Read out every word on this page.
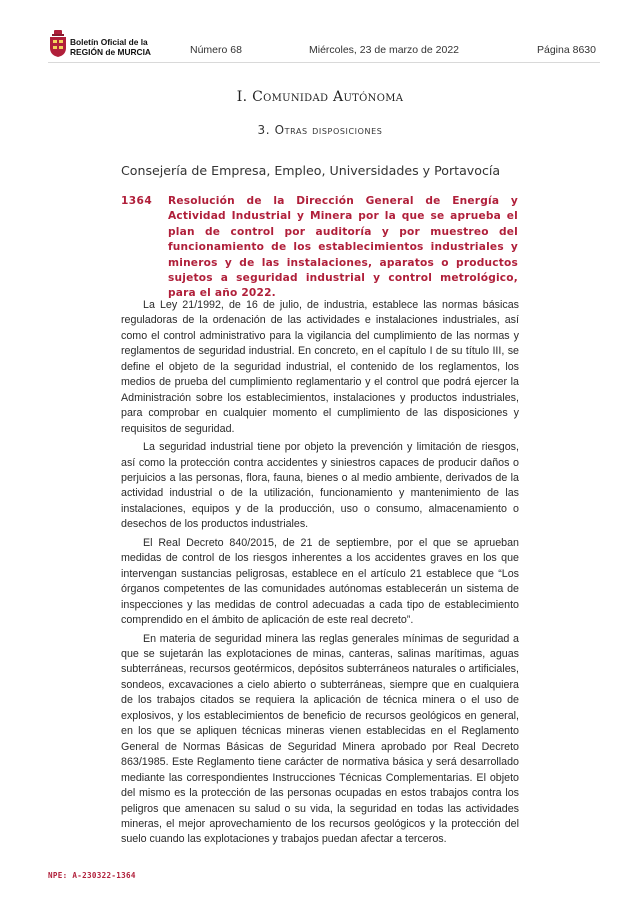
Boletín Oficial de la
REGIÓN de MURCIA	Número 68	Miércoles, 23 de marzo de 2022	Página 8630
I. Comunidad Autónoma
3. Otras disposiciones
Consejería de Empresa, Empleo, Universidades y Portavocía
1364 Resolución de la Dirección General de Energía y Actividad Industrial y Minera por la que se aprueba el plan de control por auditoría y por muestreo del funcionamiento de los establecimientos industriales y mineros y de las instalaciones, aparatos o productos sujetos a seguridad industrial y control metrológico, para el año 2022.

La Ley 21/1992, de 16 de julio, de industria, establece las normas básicas reguladoras de la ordenación de las actividades e instalaciones industriales, así como el control administrativo para la vigilancia del cumplimiento de las normas y reglamentos de seguridad industrial. En concreto, en el capítulo I de su título III, se define el objeto de la seguridad industrial, el contenido de los reglamentos, los medios de prueba del cumplimiento reglamentario y el control que podrá ejercer la Administración sobre los establecimientos, instalaciones y productos industriales, para comprobar en cualquier momento el cumplimiento de las disposiciones y requisitos de seguridad.

La seguridad industrial tiene por objeto la prevención y limitación de riesgos, así como la protección contra accidentes y siniestros capaces de producir daños o perjuicios a las personas, flora, fauna, bienes o al medio ambiente, derivados de la actividad industrial o de la utilización, funcionamiento y mantenimiento de las instalaciones, equipos y de la producción, uso o consumo, almacenamiento o desechos de los productos industriales.

El Real Decreto 840/2015, de 21 de septiembre, por el que se aprueban medidas de control de los riesgos inherentes a los accidentes graves en los que intervengan sustancias peligrosas, establece en el artículo 21 establece que “Los órganos competentes de las comunidades autónomas establecerán un sistema de inspecciones y las medidas de control adecuadas a cada tipo de establecimiento comprendido en el ámbito de aplicación de este real decreto”.

En materia de seguridad minera las reglas generales mínimas de seguridad a que se sujetarán las explotaciones de minas, canteras, salinas marítimas, aguas subterráneas, recursos geotérmicos, depósitos subterráneos naturales o artificiales, sondeos, excavaciones a cielo abierto o subterráneas, siempre que en cualquiera de los trabajos citados se requiera la aplicación de técnica minera o el uso de explosivos, y los establecimientos de beneficio de recursos geológicos en general, en los que se apliquen técnicas mineras vienen establecidas en el Reglamento General de Normas Básicas de Seguridad Minera aprobado por Real Decreto 863/1985. Este Reglamento tiene carácter de normativa básica y será desarrollado mediante las correspondientes Instrucciones Técnicas Complementarias. El objeto del mismo es la protección de las personas ocupadas en estos trabajos contra los peligros que amenacen su salud o su vida, la seguridad en todas las actividades mineras, el mejor aprovechamiento de los recursos geológicos y la protección del suelo cuando las explotaciones y trabajos puedan afectar a terceros.

NPE: A-230322-1364
